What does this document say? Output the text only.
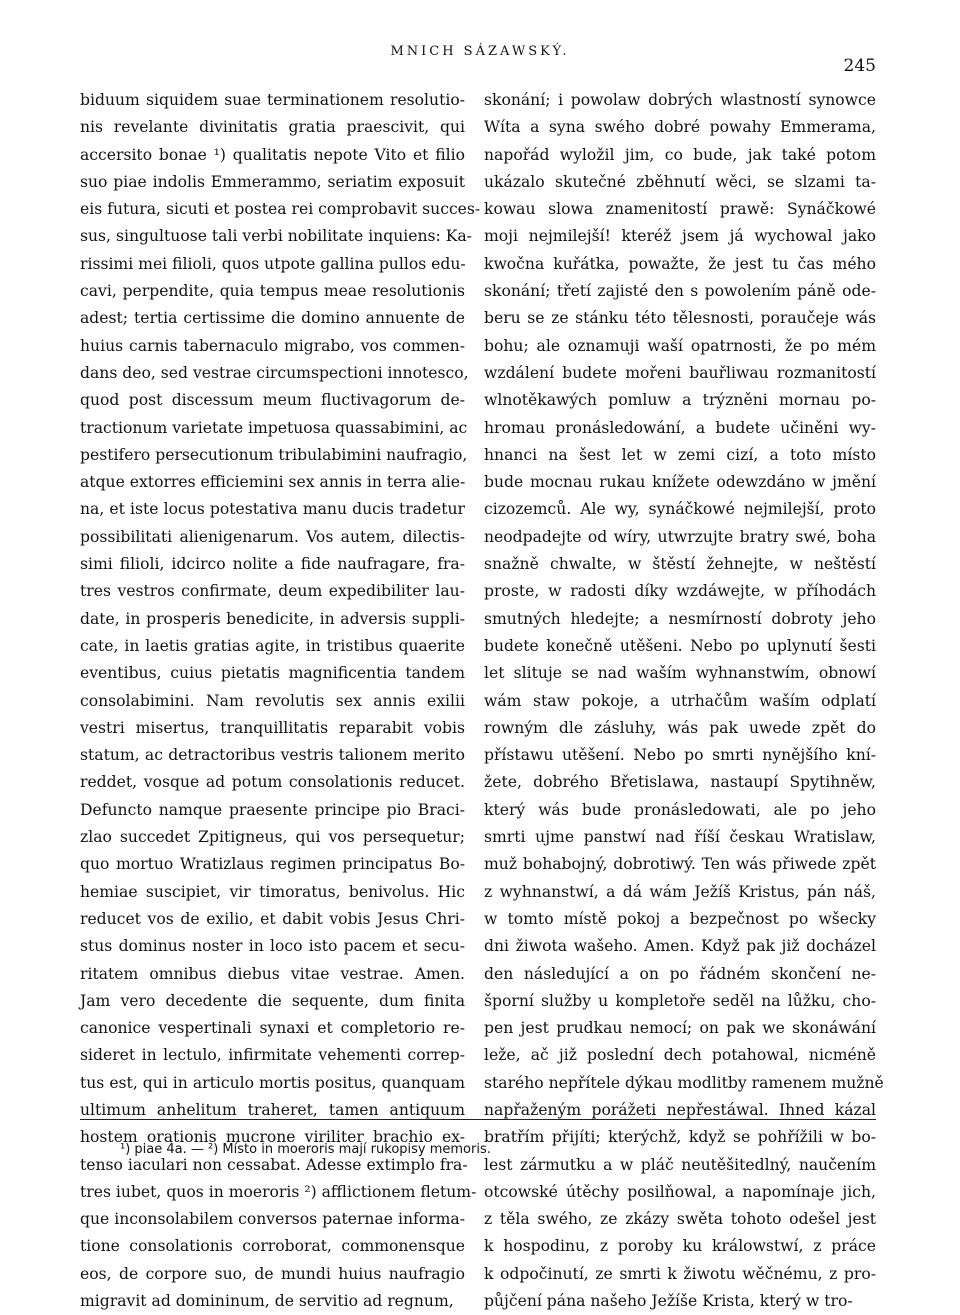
MNICH SÁZAWSKÝ.
245
biduum siquidem suae terminationem resolutio-
nis revelante divinitatis gratia praescivit, qui
accersito bonae ¹) qualitatis nepote Vito et filio
suo piae indolis Emmerammo, seriatim exposuit
eis futura, sicuti et postea rei comprobavit succes-
sus, singultuose tali verbi nobilitate inquiens: Ka-
rissimi mei filioli, quos utpote gallina pullos edu-
cavi, perpendite, quia tempus meae resolutionis
adest; tertia certissime die domino annuente de
huius carnis tabernaculo migrabo, vos commen-
dans deo, sed vestrae circumspectioni innotesco,
quod post discessum meum fluctivagorum de-
tractionum varietate impetuosa quassabimini, ac
pestifero persecutionum tribulabimini naufragio,
atque extorres efficiemini sex annis in terra alie-
na, et iste locus potestativa manu ducis tradetur
possibilitati alienigenarum. Vos autem, dilectis-
simi filioli, idcirco nolite a fide naufragare, fra-
tres vestros confirmate, deum expedibiliter lau-
date, in prosperis benedicite, in adversis suppli-
cate, in laetis gratias agite, in tristibus quaerite
eventibus, cuius pietatis magnificentia tandem
consolabimini. Nam revolutis sex annis exilii
vestri misertus, tranquillitatis reparabit vobis
statum, ac detractoribus vestris talionem merito
reddet, vosque ad potum consolationis reducet.
Defuncto namque praesente principe pio Braci-
zlao succedet Zpitigneus, qui vos persequetur;
quo mortuo Wratizlaus regimen principatus Bo-
hemiae suscipiet, vir timoratus, benivolus. Hic
reducet vos de exilio, et dabit vobis Jesus Chri-
stus dominus noster in loco isto pacem et secu-
ritatem omnibus diebus vitae vestrae. Amen.
Jam vero decedente die sequente, dum finita
canonice vespertinali synaxi et completorio re-
sideret in lectulo, infirmitate vehementi correp-
tus est, qui in articulo mortis positus, quanquam
ultimum anhelitum traheret, tamen antiquum
hostem orationis mucrone viriliter brachio ex-
tenso iaculari non cessabat. Adesse extimplo fra-
tres iubet, quos in moeroris ²) afflictionem fletum-
que inconsolabilem conversos paternae informa-
tione consolationis corroborat, commonensque
eos, de corpore suo, de mundi huius naufragio
migravit ad domininum, de servitio ad regnum,
skonání; i powolaw dobrých wlastností synowce
Wíta a syna swého dobré powahy Emmerama,
napořád wyložil jim, co bude, jak také potom
ukázalo skutečné zběhnutí wěci, se slzami ta-
kowau slowa znamenitostí prawě: Synáčkowé
moji nejmilejší! kteréž jsem já wychowal jako
kwočna kuřátka, powažte, že jest tu čas mého
skonání; třetí zajisté den s powolením páně ode-
beru se ze stánku této tělesnosti, poraučeje wás
bohu; ale oznamuji waší opatrnosti, že po mém
wzdálení budete mořeni bauřliwau rozmanitostí
wlnotěkawých pomluw a trýzněni mornau po-
hromau pronásledowání, a budete učiněni wy-
hnanci na šest let w zemi cizí, a toto místo
bude mocnau rukau knížete odewzdáno w jmění
cizozemců. Ale wy, synáčkowé nejmilejší, proto
neodpadejte od wíry, utwrzujte bratry swé, boha
snažně chwalte, w štěstí žehnejte, w neštěstí
proste, w radosti díky wzdáwejte, w příhodách
smutných hledejte; a nesmírností dobroty jeho
budete konečně utěšeni. Nebo po uplynutí šesti
let slituje se nad waším wyhnanstwím, obnowí
wám staw pokoje, a utrhačům waším odplatí
rowným dle zásluhy, wás pak uwede zpět do
přístawu utěšení. Nebo po smrti nynějšího kní-
žete, dobrého Břetislawa, nastaupí Spytihněw,
který wás bude pronásledowati, ale po jeho
smrti ujme panstwí nad říší českau Wratislaw,
muž bohabojný, dobrotiwý. Ten wás přiwede zpět
z wyhnanstwí, a dá wám Ježíš Kristus, pán náš,
w tomto místě pokoj a bezpečnost po wšecky
dni žiwota wašeho. Amen. Když pak již docházel
den následující a on po řádném skončení ne-
šporní služby u kompletoře seděl na lůžku, cho-
pen jest prudkau nemocí; on pak we skonáwání
leže, ač již poslední dech potahowal, nicméně
starého nepřítele dýkau modlitby ramenem mužně
napřaženým porážeti nepřestáwal. Ihned kázal
bratřím přijíti; kterýchž, když se pohřížili w bo-
lest zármutku a w pláč neutěšitedlný, naučením
otcowské útěchy posilňowal, a napomínaje jich,
z těla swého, ze zkázy swěta tohoto odešel jest
k hospodinu, z poroby ku králowstwí, z práce
k odpočinutí, ze smrti k žiwotu wěčnému, z pro-
půjčení pána našeho Ježíše Krista, který w tro-
¹) piae 4a. — ²) Místo in moeroris mají rukopisy memoris.
